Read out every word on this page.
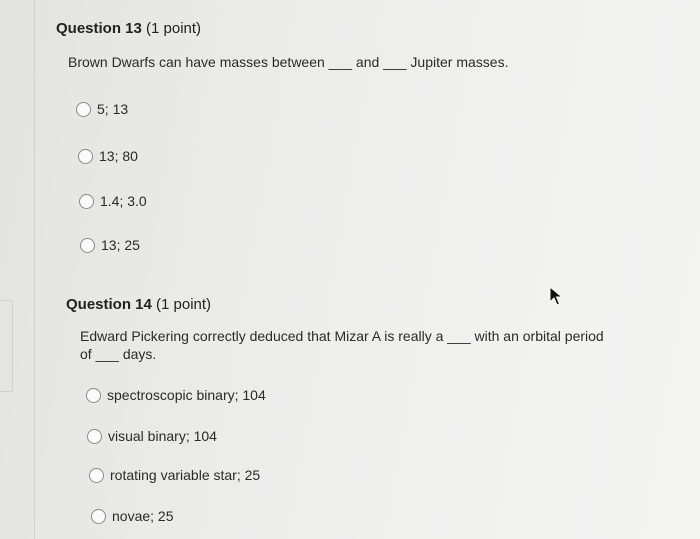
Question 13 (1 point)
Brown Dwarfs can have masses between ___ and ___ Jupiter masses.
5; 13
13; 80
1.4; 3.0
13; 25
Question 14 (1 point)
Edward Pickering correctly deduced that Mizar A is really a ___ with an orbital period
of ___ days.
spectroscopic binary; 104
visual binary; 104
rotating variable star; 25
novae; 25
